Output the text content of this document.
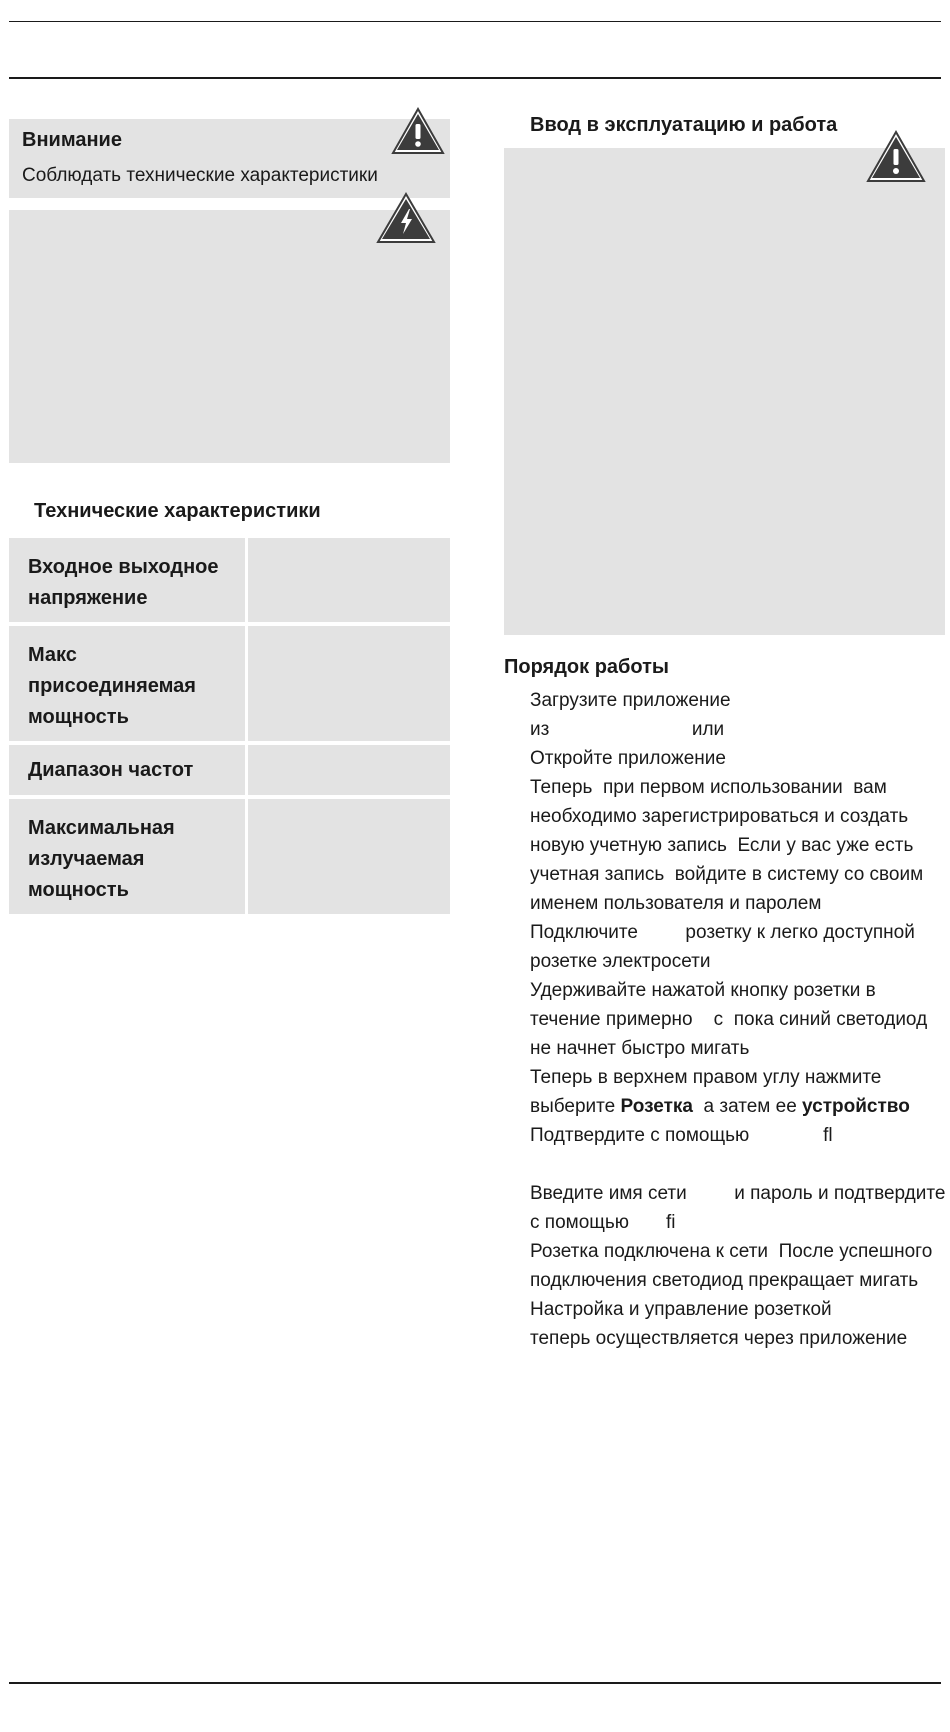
Внимание
Соблюдать технические характеристики
Технические характеристики
Входное выходное
напряжение
Макс
присоединяемая
мощность
Диапазон частот
Максимальная
излучаемая
мощность
Ввод в эксплуатацию и работа
Порядок работы
Загрузите приложение
из                           или
Откройте приложение
Теперь  при первом использовании  вам
необходимо зарегистрироваться и создать
новую учетную запись  Если у вас уже есть
учетная запись  войдите в систему со своим
именем пользователя и паролем
Подключите         розетку к легко доступной
розетке электросети
Удерживайте нажатой кнопку розетки в
течение примерно    с  пока синий светодиод
не начнет быстро мигать
Теперь в верхнем правом углу нажмите
выберите Розетка  а затем ее устройство
Подтвердите с помощью              fl
Введите имя сети         и пароль и подтвердите
с помощью       fi
Розетка подключена к сети  После успешного
подключения светодиод прекращает мигать
Настройка и управление розеткой
теперь осуществляется через приложение
